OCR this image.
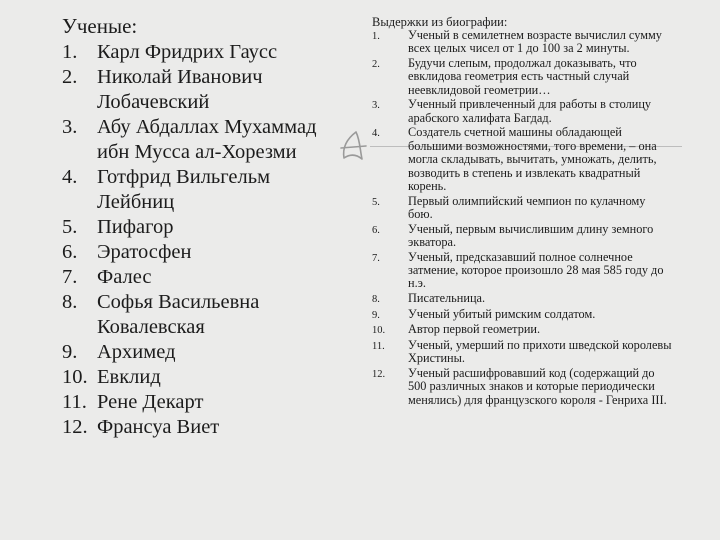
Ученые:
1. Карл Фридрих Гаусс
2. Николай Иванович Лобачевский
3. Абу Абдаллах Мухаммад ибн Мусса ал-Хорезми
4. Готфрид Вильгельм Лейбниц
5. Пифагор
6. Эратосфен
7. Фалес
8. Софья Васильевна Ковалевская
9. Архимед
10. Евклид
11. Рене Декарт
12. Франсуа Виет
Выдержки из биографии:
1.	Ученый в семилетнем возрасте вычислил сумму всех целых чисел от 1 до 100 за 2 минуты.
2.	Будучи слепым, продолжал доказывать, что евклидова геометрия есть частный случай неевклидовой геометрии…
3.	Ученный привлеченный для работы в столицу арабского халифата Багдад.
4.	Создатель счетной машины обладающей большими возможностями, того времени, – она могла складывать, вычитать, умножать, делить, возводить в степень и извлекать квадратный корень.
5.	Первый олимпийский чемпион по кулачному бою.
6.	Ученый, первым вычислившим длину земного экватора.
7.	Ученый, предсказавший полное солнечное затмение, которое произошло 28 мая 585 году до н.э.
8.	Писательница.
9.	Ученый убитый римским солдатом.
10.	Автор первой геометрии.
11.	Ученый, умерший по прихоти шведской королевы Христины.
12.	Ученый расшифровавший код (содержащий до 500 различных знаков и которые периодически менялись) для французского короля - Генриха III.
